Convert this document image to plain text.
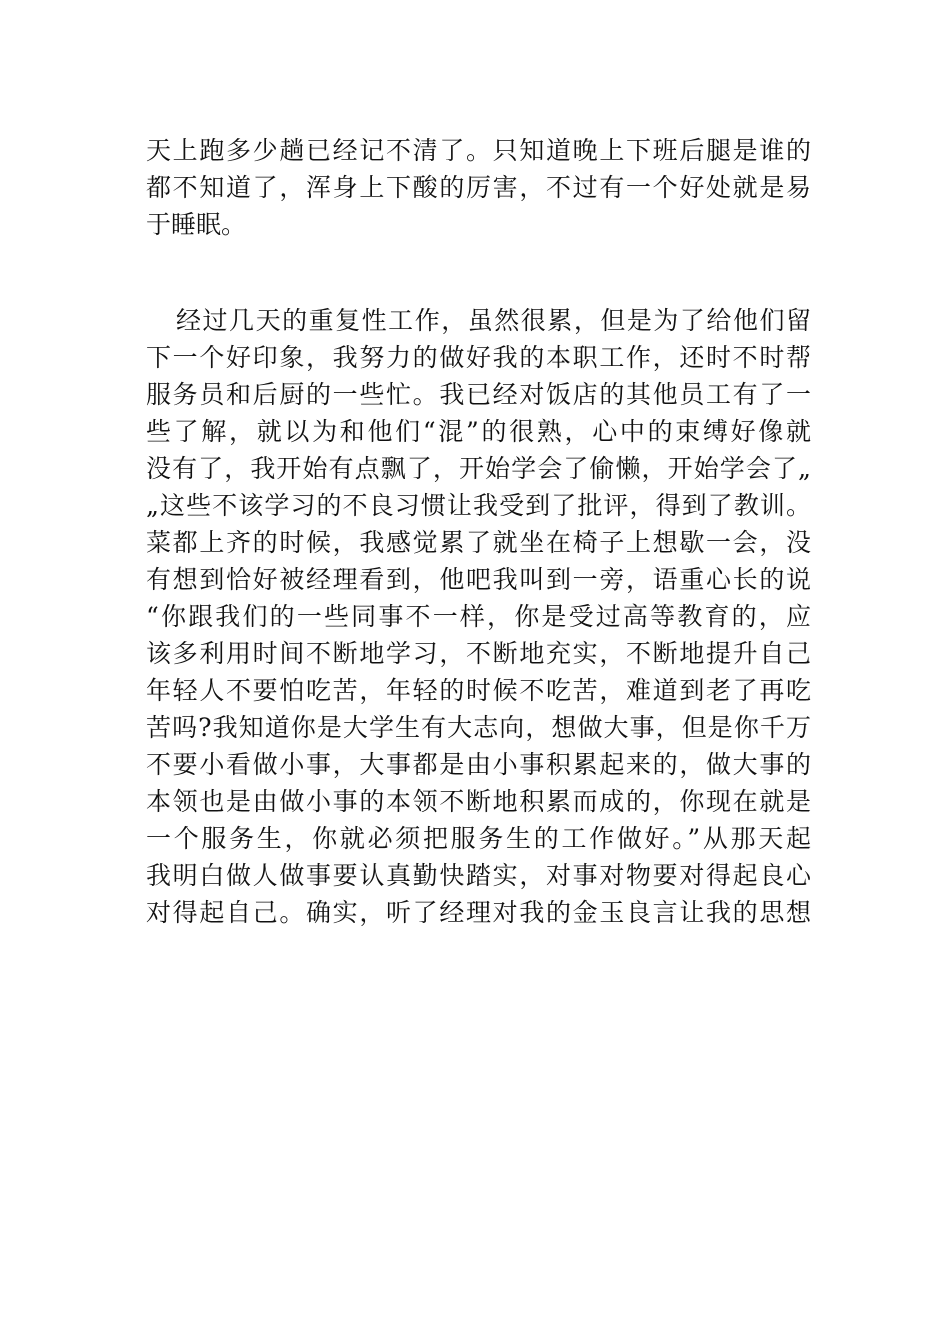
天上跑多少趟已经记不清了。只知道晚上下班后腿是谁的
都不知道了，浑身上下酸的厉害，不过有一个好处就是易
于睡眠。
经过几天的重复性工作，虽然很累，但是为了给他们留
下一个好印象，我努力的做好我的本职工作，还时不时帮
服务员和后厨的一些忙。我已经对饭店的其他员工有了一
些了解，就以为和他们“混”的很熟，心中的束缚好像就
没有了，我开始有点飘了，开始学会了偷懒，开始学会了„
„这些不该学习的不良习惯让我受到了批评，得到了教训。
菜都上齐的时候，我感觉累了就坐在椅子上想歇一会，没
有想到恰好被经理看到，他吧我叫到一旁，语重心长的说
“你跟我们的一些同事不一样，你是受过高等教育的，应
该多利用时间不断地学习，不断地充实，不断地提升自己
年轻人不要怕吃苦，年轻的时候不吃苦，难道到老了再吃
苦吗?我知道你是大学生有大志向，想做大事，但是你千万
不要小看做小事，大事都是由小事积累起来的，做大事的
本领也是由做小事的本领不断地积累而成的，你现在就是
一个服务生，你就必须把服务生的工作做好。”从那天起
我明白做人做事要认真勤快踏实，对事对物要对得起良心
对得起自己。确实，听了经理对我的金玉良言让我的思想
